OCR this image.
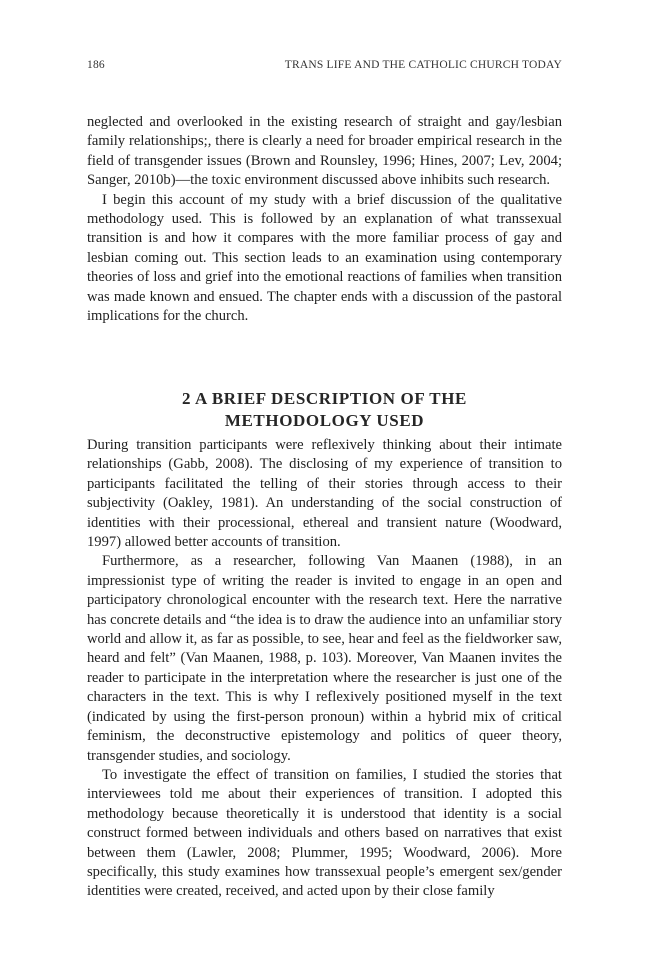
186	TRANS LIFE AND THE CATHOLIC CHURCH TODAY

neglected and overlooked in the existing research of straight and gay/lesbian family relationships;, there is clearly a need for broader empirical research in the field of transgender issues (Brown and Rounsley, 1996; Hines, 2007; Lev, 2004; Sanger, 2010b)—the toxic environment discussed above inhibits such research.

I begin this account of my study with a brief discussion of the qualitative methodology used. This is followed by an explanation of what transsexual transition is and how it compares with the more familiar process of gay and lesbian coming out. This section leads to an examination using contemporary theories of loss and grief into the emotional reactions of families when transition was made known and ensued. The chapter ends with a discussion of the pastoral implications for the church.

2 A BRIEF DESCRIPTION OF THE
METHODOLOGY USED

During transition participants were reflexively thinking about their intimate relationships (Gabb, 2008). The disclosing of my experience of transition to participants facilitated the telling of their stories through access to their subjectivity (Oakley, 1981). An understanding of the social construction of identities with their processional, ethereal and transient nature (Woodward, 1997) allowed better accounts of transition.

Furthermore, as a researcher, following Van Maanen (1988), in an impressionist type of writing the reader is invited to engage in an open and participatory chronological encounter with the research text. Here the narrative has concrete details and “the idea is to draw the audience into an unfamiliar story world and allow it, as far as possible, to see, hear and feel as the fieldworker saw, heard and felt” (Van Maanen, 1988, p. 103). Moreover, Van Maanen invites the reader to participate in the interpretation where the researcher is just one of the characters in the text. This is why I reflexively positioned myself in the text (indicated by using the first-person pronoun) within a hybrid mix of critical feminism, the deconstructive epistemology and politics of queer theory, transgender studies, and sociology.

To investigate the effect of transition on families, I studied the stories that interviewees told me about their experiences of transition. I adopted this methodology because theoretically it is understood that identity is a social construct formed between individuals and others based on narratives that exist between them (Lawler, 2008; Plummer, 1995; Woodward, 2006). More specifically, this study examines how transsexual people’s emergent sex/gender identities were created, received, and acted upon by their close family
